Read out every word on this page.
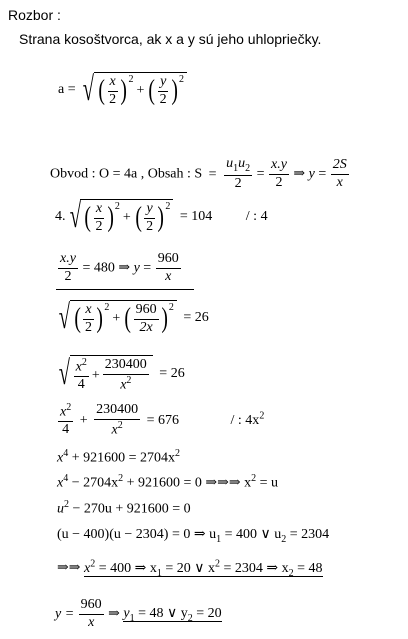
Rozbor :
Strana kosoštvorca, ak x a y sú jeho uhlopriečky.
a = √ ( $\frac{x}{2} )^2$
+ ( $\frac{y}{2} )^2$
Obvod : O = 4a , Obsah : $S = \frac{u_1u_2}{2} = \frac{x.y}{2}$ ⇒ $y = \frac{2S}{x}$
4. √ ( $\frac{x}{2} )^2$
+ ( $\frac{y}{2} )^2$
= 104 / : 4
$\frac{x.y}{2} = 480$ ⇒ $y = \frac{960}{x}$
√ ( $\frac{x}{2} )^2$
+ ( $\frac{960}{2x} )^2$
= 26
√ $\frac{x^2}{4} + \frac{230400}{x^2} = 26$
$\frac{x^2}{4} + \frac{230400}{x^2} = 676$	/ : $4x^2$
$x^4 + 921600 = 2704x^2$
$x^4 - 2704x^2 + 921600 = 0$ ⇒⇒⇒ $x^2 = u$
$u^2 - 270u + 921600 = 0$
(u − 400)(u − 2304) = 0 ⇒ $u_1 = 400$ ∨ $u_2 = 2304$
⇒⇒ $x^2 = 400$ ⇒ $x_1 = 20$ ∨ $x^2 = 2304$ ⇒ $x_2 = 48$
$y = \frac{960}{x}$ ⇒ $y_1 = 48$ ∨ $y_2 = 20$
